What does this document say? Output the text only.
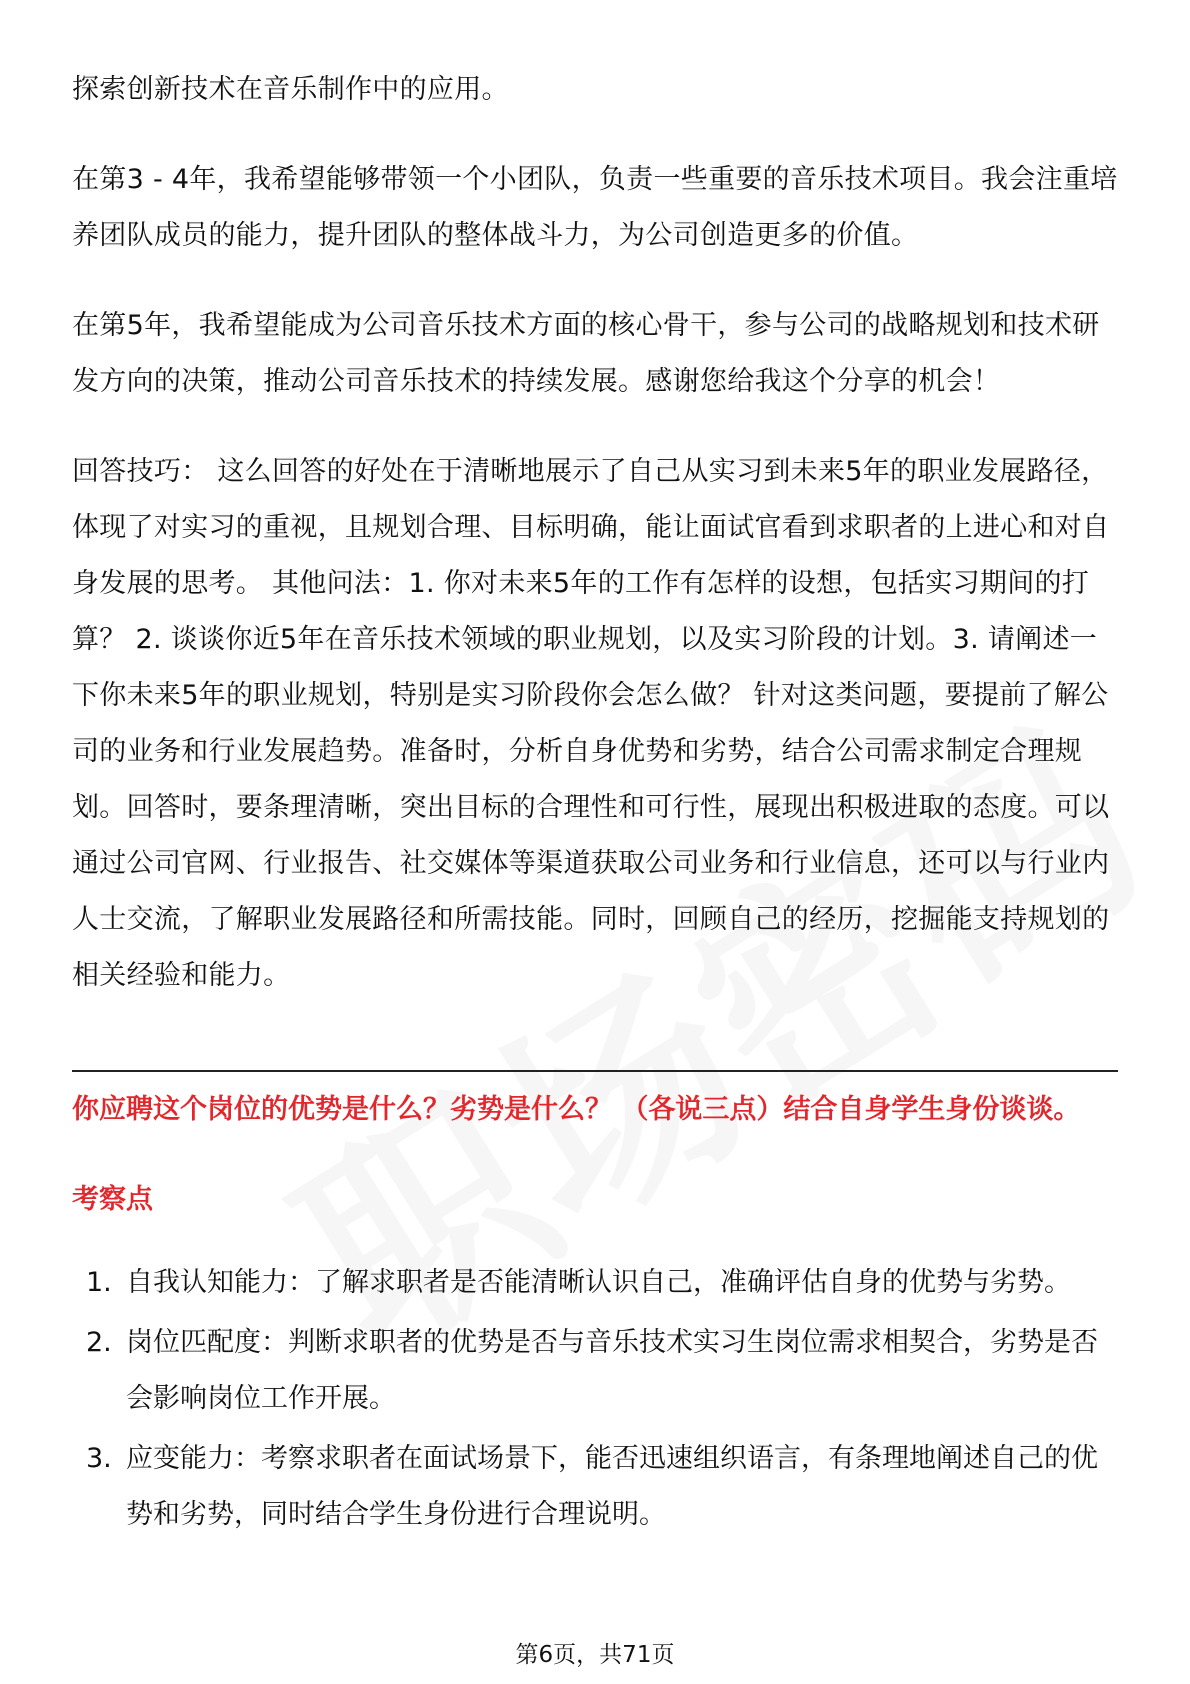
探索创新技术在音乐制作中的应用。

在第3 - 4年，我希望能够带领一个小团队，负责一些重要的音乐技术项目。我会注重培养团队成员的能力，提升团队的整体战斗力，为公司创造更多的价值。

在第5年，我希望能成为公司音乐技术方面的核心骨干，参与公司的战略规划和技术研发方向的决策，推动公司音乐技术的持续发展。感谢您给我这个分享的机会！

回答技巧： 这么回答的好处在于清晰地展示了自己从实习到未来5年的职业发展路径，体现了对实习的重视，且规划合理、目标明确，能让面试官看到求职者的上进心和对自身发展的思考。 其他问法：1. 你对未来5年的工作有怎样的设想，包括实习期间的打算？ 2. 谈谈你近5年在音乐技术领域的职业规划，以及实习阶段的计划。3. 请阐述一下你未来5年的职业规划，特别是实习阶段你会怎么做？ 针对这类问题，要提前了解公司的业务和行业发展趋势。准备时，分析自身优势和劣势，结合公司需求制定合理规划。回答时，要条理清晰，突出目标的合理性和可行性，展现出积极进取的态度。可以通过公司官网、行业报告、社交媒体等渠道获取公司业务和行业信息，还可以与行业内人士交流，了解职业发展路径和所需技能。同时，回顾自己的经历，挖掘能支持规划的相关经验和能力。

你应聘这个岗位的优势是什么？劣势是什么？ （各说三点）结合自身学生身份谈谈。

考察点

1. 自我认知能力：了解求职者是否能清晰认识自己，准确评估自身的优势与劣势。
2. 岗位匹配度：判断求职者的优势是否与音乐技术实习生岗位需求相契合，劣势是否会影响岗位工作开展。
3. 应变能力：考察求职者在面试场景下，能否迅速组织语言，有条理地阐述自己的优势和劣势，同时结合学生身份进行合理说明。
第6页，共71页
